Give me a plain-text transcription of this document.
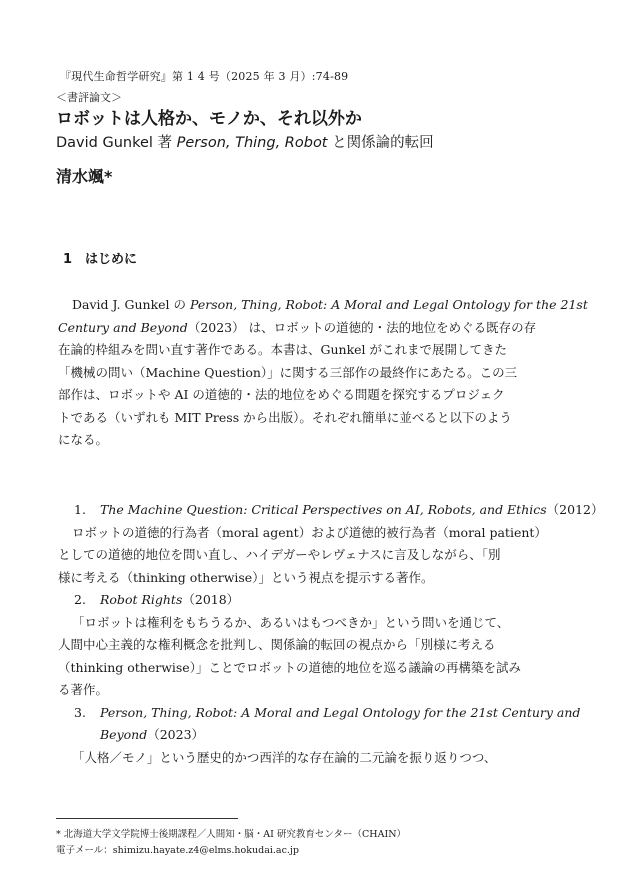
『現代生命哲学研究』第 1 4 号（2025 年 3 月）:74-89
＜書評論文＞
ロボットは人格か、モノか、それ以外か
David Gunkel 著 Person, Thing, Robot と関係論的転回
清水颯*
1 はじめに
David J. Gunkel の Person, Thing, Robot: A Moral and Legal Ontology for the 21st
Century and Beyond（2023） は、ロボットの道徳的・法的地位をめぐる既存の存
在論的枠組みを問い直す著作である。本書は、Gunkel がこれまで展開してきた
「機械の問い（Machine Question）」に関する三部作の最終作にあたる。この三
部作は、ロボットや AI の道徳的・法的地位をめぐる問題を探究するプロジェク
トである（いずれも MIT Press から出版）。それぞれ簡単に並べると以下のよう
になる。
1. The Machine Question: Critical Perspectives on AI, Robots, and Ethics（2012）
ロボットの道徳的行為者（moral agent）および道徳的被行為者（moral patient）
としての道徳的地位を問い直し、ハイデガーやレヴェナスに言及しながら、「別
様に考える（thinking otherwise）」という視点を提示する著作。
2. Robot Rights（2018）
「ロボットは権利をもちうるか、あるいはもつべきか」という問いを通じて、
人間中心主義的な権利概念を批判し、関係論的転回の視点から「別様に考える
（thinking otherwise）」ことでロボットの道徳的地位を巡る議論の再構築を試み
る著作。
3. Person, Thing, Robot: A Moral and Legal Ontology for the 21st Century and
Beyond（2023）
「人格／モノ」という歴史的かつ西洋的な存在論的二元論を振り返りつつ、
* 北海道大学文学院博士後期課程／人間知・脳・AI 研究教育センター（CHAIN）
電子メール：shimizu.hayate.z4@elms.hokudai.ac.jp
